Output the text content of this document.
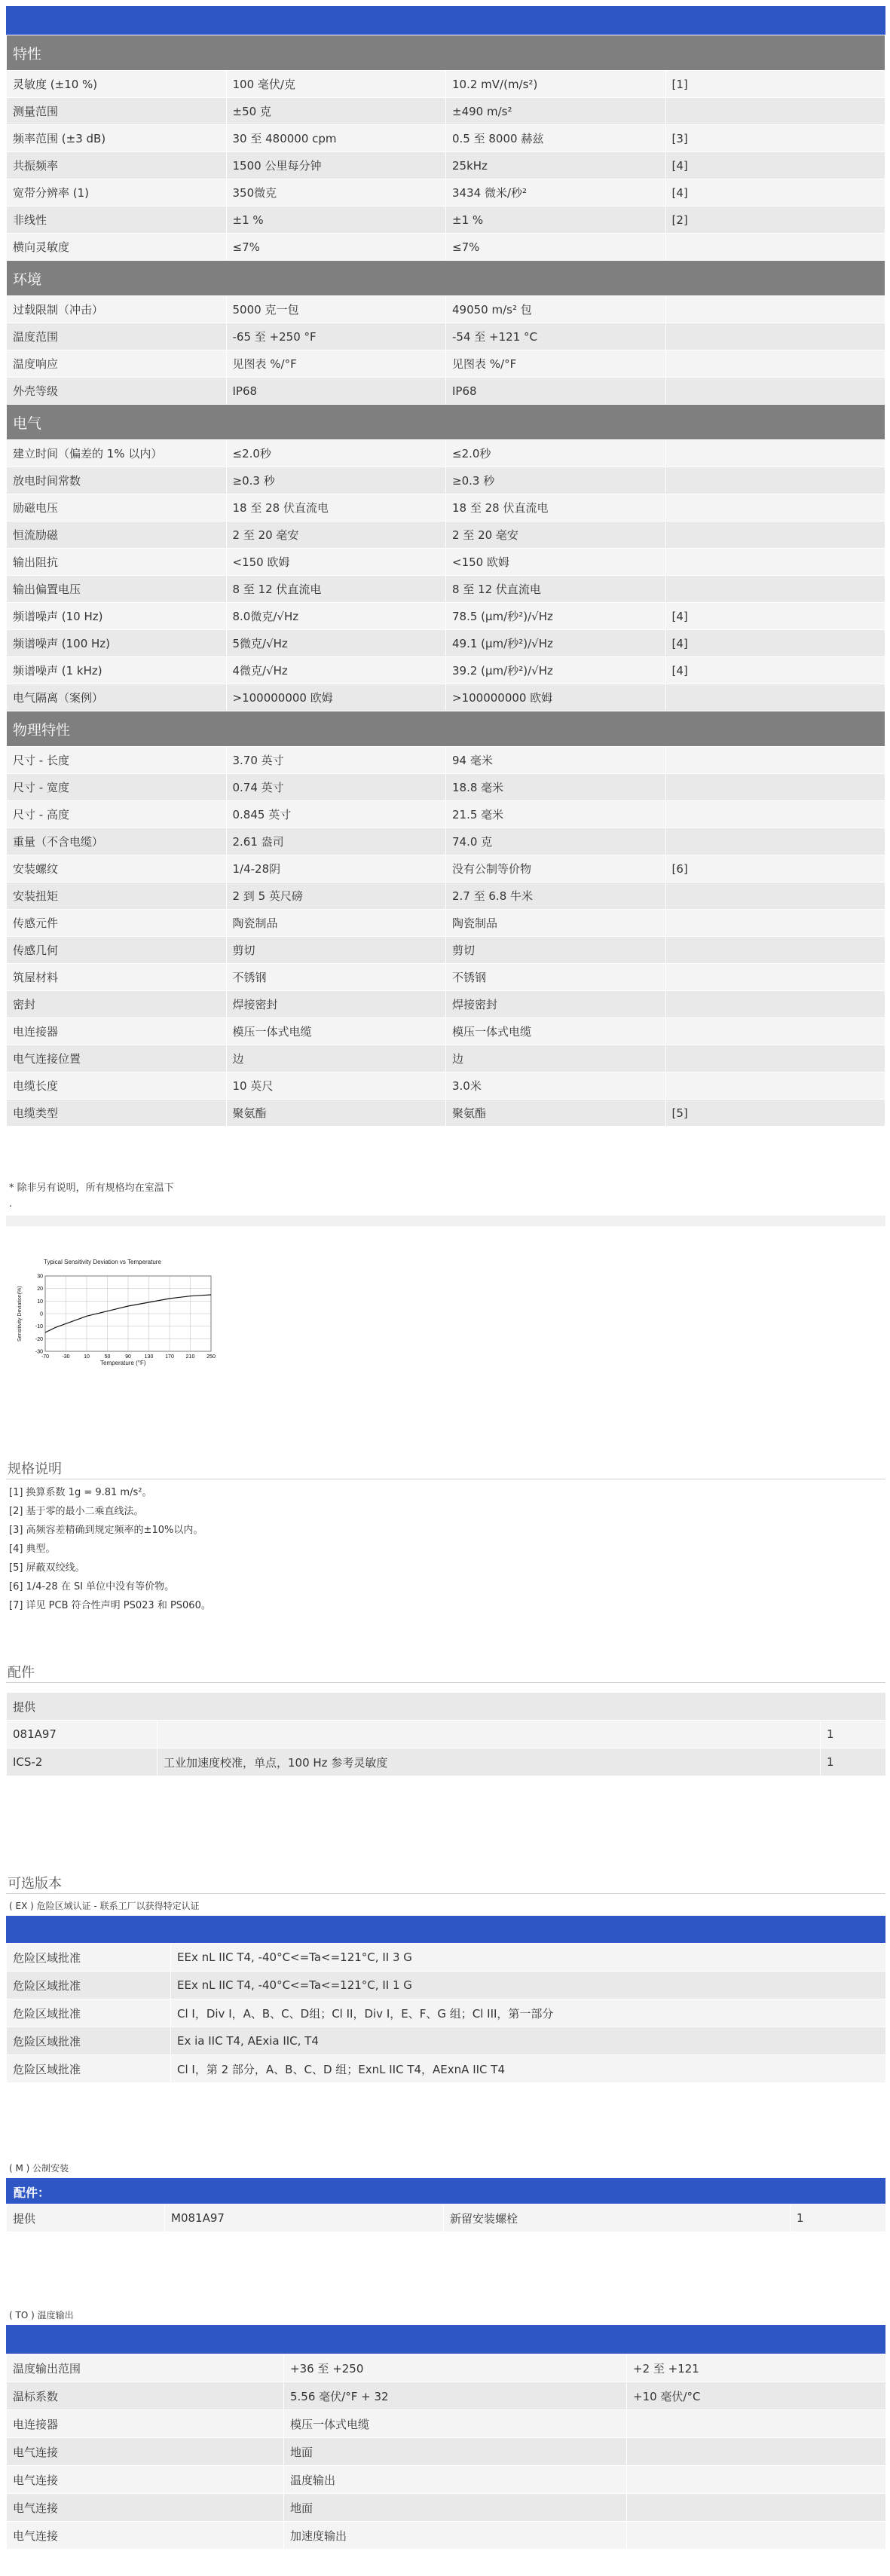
特性			
灵敏度 (±10 %)	100 毫伏/克	10.2 mV/(m/s²)	[1]
测量范围	±50 克	±490 m/s²	
频率范围 (±3 dB)	30 至 480000 cpm	0.5 至 8000 赫兹	[3]
共振频率	1500 公里每分钟	25kHz	[4]
宽带分辨率 (1)	350微克	3434 微米/秒²	[4]
非线性	±1 %	±1 %	[2]
横向灵敏度	≤7%	≤7%	
环境			
过载限制（冲击）	5000 克一包	49050 m/s² 包	
温度范围	-65 至 +250 °F	-54 至 +121 °C	
温度响应	见图表 %/°F	见图表 %/°F	
外壳等级	IP68	IP68	
电气			
建立时间（偏差的 1% 以内）	≤2.0秒	≤2.0秒	
放电时间常数	≥0.3 秒	≥0.3 秒	
励磁电压	18 至 28 伏直流电	18 至 28 伏直流电	
恒流励磁	2 至 20 毫安	2 至 20 毫安	
输出阻抗	<150 欧姆	<150 欧姆	
输出偏置电压	8 至 12 伏直流电	8 至 12 伏直流电	
频谱噪声 (10 Hz)	8.0微克/√Hz	78.5 (μm/秒²)/√Hz	[4]
频谱噪声 (100 Hz)	5微克/√Hz	49.1 (μm/秒²)/√Hz	[4]
频谱噪声 (1 kHz)	4微克/√Hz	39.2 (μm/秒²)/√Hz	[4]
电气隔离（案例）	>100000000 欧姆	>100000000 欧姆	
物理特性			
尺寸 - 长度	3.70 英寸	94 毫米	
尺寸 - 宽度	0.74 英寸	18.8 毫米	
尺寸 - 高度	0.845 英寸	21.5 毫米	
重量（不含电缆）	2.61 盎司	74.0 克	
安装螺纹	1/4-28阴	没有公制等价物	[6]
安装扭矩	2 到 5 英尺磅	2.7 至 6.8 牛米	
传感元件	陶瓷制品	陶瓷制品	
传感几何	剪切	剪切	
筑屋材料	不锈钢	不锈钢	
密封	焊接密封	焊接密封	
电连接器	模压一体式电缆	模压一体式电缆	
电气连接位置	边	边	
电缆长度	10 英尺	3.0米	
电缆类型	聚氨酯	聚氨酯	[5]
* 除非另有说明，所有规格均在室温下
.
Typical Sensitivity Deviation vs Temperature
Sensitivity Deviation(%)
Temperature (°F)
-70 -30	10	50	90	130 170 210 250
30
20
10
0
-10
-20
-30
规格说明
[1] 换算系数 1g = 9.81 m/s²。
[2] 基于零的最小二乘直线法。
[3] 高频容差精确到规定频率的±10%以内。
[4] 典型。
[5] 屏蔽双绞线。
[6] 1/4-28 在 SI 单位中没有等价物。
[7] 详见 PCB 符合性声明 PS023 和 PS060。
配件
提供		
081A97		1
ICS-2	工业加速度校准，单点，100 Hz 参考灵敏度	1
可选版本
( EX ) 危险区域认证 - 联系工厂以获得特定认证
危险区域批准	EEx nL IIC T4, -40°C<=Ta<=121°C, II 3 G
危险区域批准	EEx nL IIC T4, -40°C<=Ta<=121°C, II 1 G
危险区域批准	Cl I，Div I，A、B、C、D组；Cl II，Div I，E、F、G 组；Cl III，第一部分
危险区域批准	Ex ia IIC T4, AExia IIC, T4
危险区域批准	Cl I，第 2 部分，A、B、C、D 组；ExnL IIC T4，AExnA IIC T4
( M ) 公制安装
配件：
提供	M081A97	新留安装螺栓	1
( TO ) 温度输出
温度输出范围	+36 至 +250	+2 至 +121
温标系数	5.56 毫伏/°F + 32	+10 毫伏/°C
电连接器	模压一体式电缆	
电气连接	地面	
电气连接	温度输出	
电气连接	地面	
电气连接	加速度输出	
